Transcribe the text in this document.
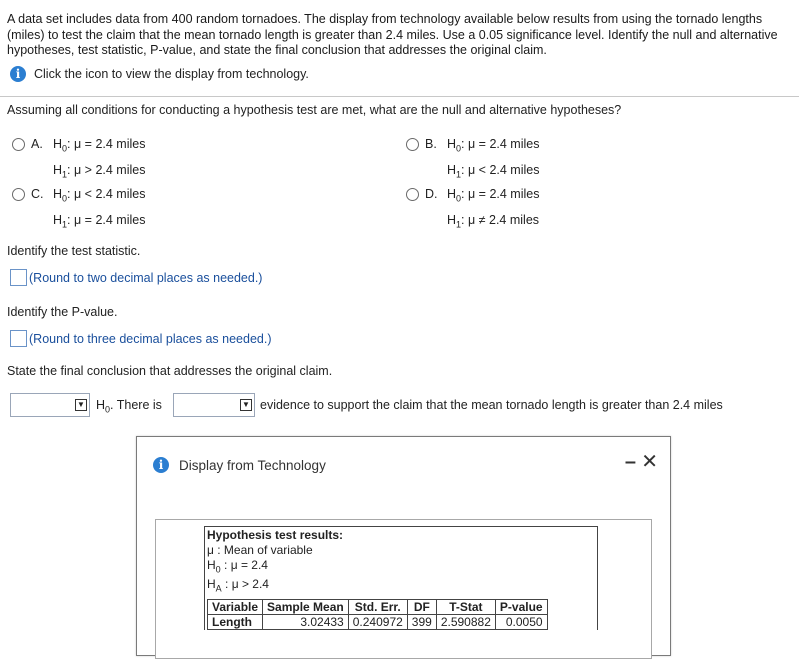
A data set includes data from 400 random tornadoes. The display from technology available below results from using the tornado lengths (miles) to test the claim that the mean tornado length is greater than 2.4 miles. Use a 0.05 significance level. Identify the null and alternative hypotheses, test statistic, P-value, and state the final conclusion that addresses the original claim.
i	Click the icon to view the display from technology.
Assuming all conditions for conducting a hypothesis test are met, what are the null and alternative hypotheses?
A. $H_0$: μ = 2.4 miles
$H_1$: μ > 2.4 miles
B. $H_0$: μ = 2.4 miles
$H_1$: μ < 2.4 miles
C. $H_0$: μ < 2.4 miles
$H_1$: μ = 2.4 miles
D. $H_0$: μ = 2.4 miles
$H_1$: μ ≠ 2.4 miles
Identify the test statistic.
(Round to two decimal places as needed.)
Identify the P-value.
(Round to three decimal places as needed.)
State the final conclusion that addresses the original claim.
▼ $H_0$. There is	▼ evidence to support the claim that the mean tornado length is greater than 2.4 miles
i	Display from Technology	– ✕
Hypothesis test results:
μ : Mean of variable
$H_0$ : μ = 2.4
$H_A$ : μ > 2.4
Variable	Sample Mean	Std. Err.	DF	T-Stat	P-value
Length	3.02433	0.240972	399	2.590882	0.0050
